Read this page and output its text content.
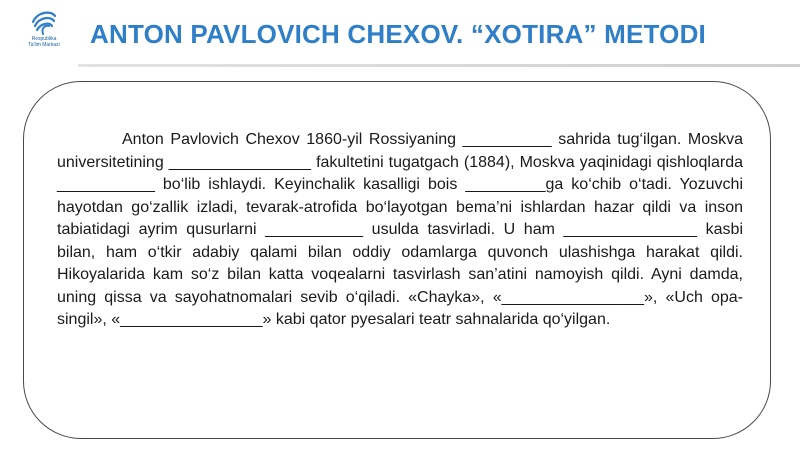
Respublika
Ta'lim Markazi ANTON PAVLOVICH CHEXOV. “XOTIRA” METODI

Anton Pavlovich Chexov 1860-yil Rossiyaning __________ sahrida tug‘ilgan. Moskva universitetining ________________ fakultetini tugatgach (1884), Moskva yaqinidagi qishloqlarda ___________ bo‘lib ishlaydi. Keyinchalik kasalligi bois _________ga ko‘chib o‘tadi. Yozuvchi hayotdan go‘zallik izladi, tevarak-atrofida bo‘layotgan bema’ni ishlardan hazar qildi va inson tabiatidagi ayrim qusurlarni ___________ usulda tasvirladi. U ham _______________ kasbi bilan, ham o‘tkir adabiy qalami bilan oddiy odamlarga quvonch ulashishga harakat qildi. Hikoyalarida kam so‘z bilan katta voqealarni tasvirlash san’atini namoyish qildi. Ayni damda, uning qissa va sayohatnomalari sevib o‘qiladi. «Chayka», «________________», «Uch opa-singil», «________________» kabi qator pyesalari teatr sahnalarida qo‘yilgan.
